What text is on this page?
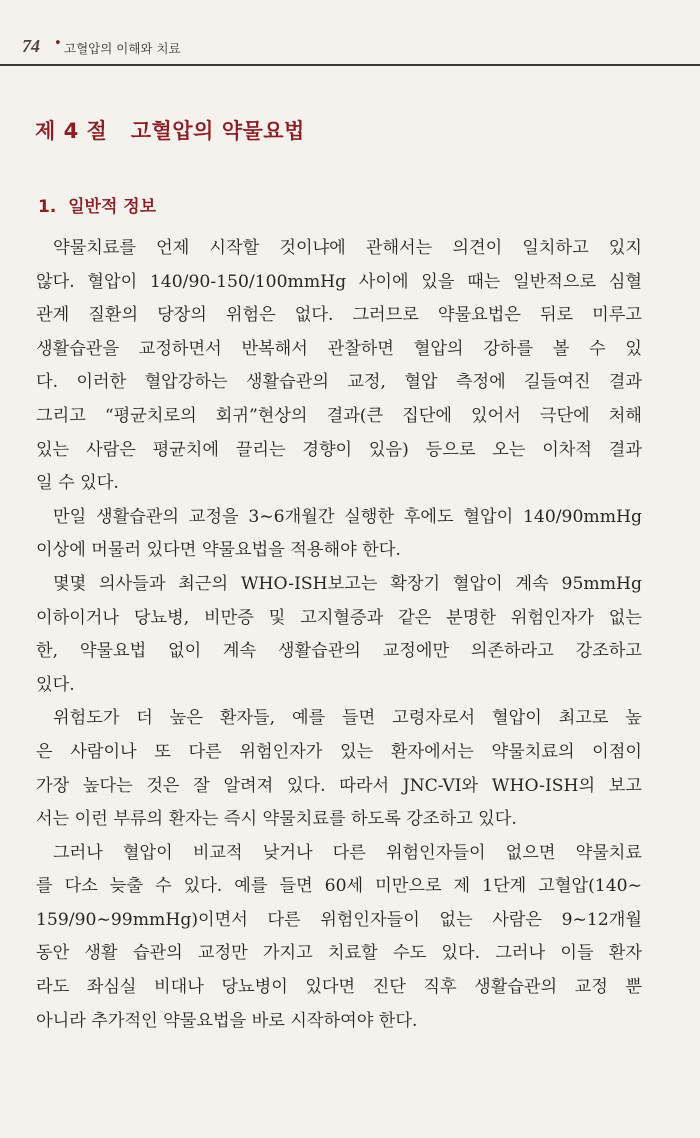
74 • 고혈압의 이해와 치료
제 4 절   고혈압의 약물요법
1.  일반적 정보
약물치료를 언제 시작할 것이냐에 관해서는 의견이 일치하고 있지
않다. 혈압이 140/90-150/100mmHg 사이에 있을 때는 일반적으로 심혈
관계 질환의 당장의 위험은 없다. 그러므로 약물요법은 뒤로 미루고
생활습관을 교정하면서 반복해서 관찰하면 혈압의 강하를 볼 수 있
다. 이러한 혈압강하는 생활습관의 교정, 혈압 측정에 길들여진 결과
그리고 “평균치로의 회귀”현상의 결과(큰 집단에 있어서 극단에 처해
있는 사람은 평균치에 끌리는 경향이 있음) 등으로 오는 이차적 결과
일 수 있다.
만일 생활습관의 교정을 3∼6개월간 실행한 후에도 혈압이 140/90mmHg
이상에 머물러 있다면 약물요법을 적용해야 한다.
몇몇 의사들과 최근의 WHO-ISH보고는 확장기 혈압이 계속 95mmHg
이하이거나 당뇨병, 비만증 및 고지혈증과 같은 분명한 위험인자가 없는
한, 약물요법 없이 계속 생활습관의 교정에만 의존하라고 강조하고
있다.
위험도가 더 높은 환자들, 예를 들면 고령자로서 혈압이 최고로 높
은 사람이나 또 다른 위험인자가 있는 환자에서는 약물치료의 이점이
가장 높다는 것은 잘 알려져 있다. 따라서 JNC-VI와 WHO-ISH의 보고
서는 이런 부류의 환자는 즉시 약물치료를 하도록 강조하고 있다.
그러나 혈압이 비교적 낮거나 다른 위험인자들이 없으면 약물치료
를 다소 늦출 수 있다. 예를 들면 60세 미만으로 제 1단계 고혈압(140∼
159/90∼99mmHg)이면서 다른 위험인자들이 없는 사람은 9∼12개월
동안 생활 습관의 교정만 가지고 치료할 수도 있다. 그러나 이들 환자
라도 좌심실 비대나 당뇨병이 있다면 진단 직후 생활습관의 교정 뿐
아니라 추가적인 약물요법을 바로 시작하여야 한다.
